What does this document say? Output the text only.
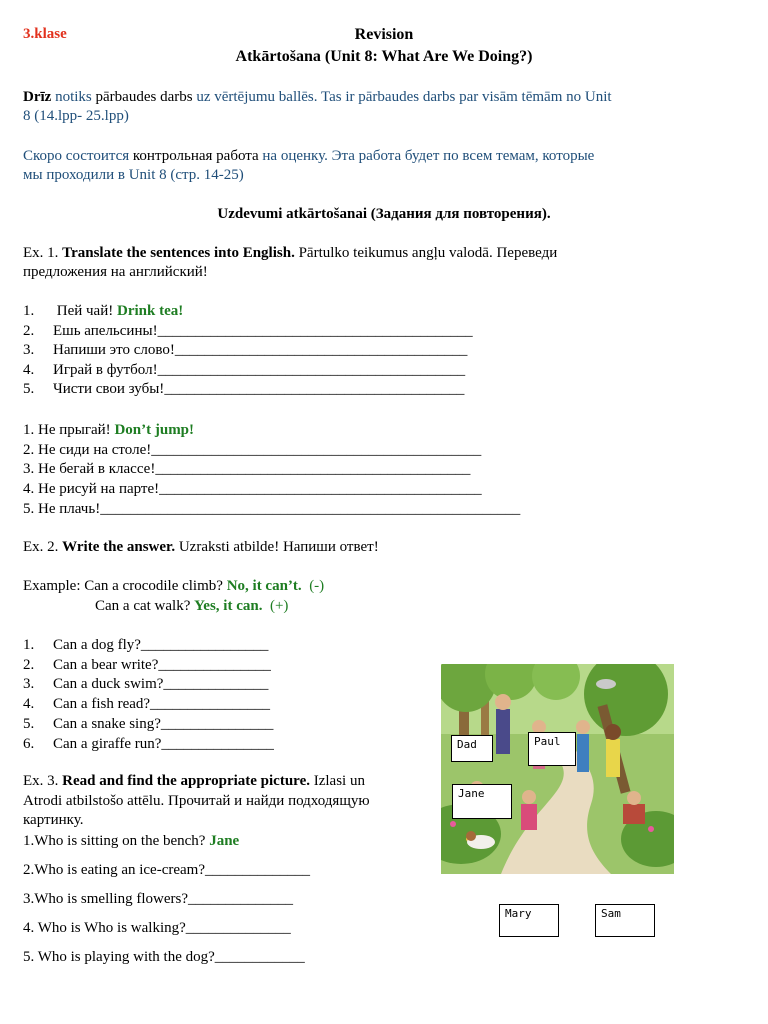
3.klase	Revision
Atkārtošana (Unit 8: What Are We Doing?)
Drīz notiks pārbaudes darbs uz vērtējumu ballēs. Tas ir pārbaudes darbs par visām tēmām no Unit
8 (14.lpp- 25.lpp)
Скоро состоится контрольная работа на оценку. Эта работа будет по всем темам, которые
мы проходили в Unit 8 (стр. 14-25)
Uzdevumi atkārtošanai (Задания для повторения).
Ex. 1. Translate the sentences into English. Pārtulko teikumus angļu valodā. Переведи
предложения на английский!
1. Пей чай! Drink tea!
2. Ешь апельсины!__________________________________________
3. Напиши это слово!_______________________________________
4. Играй в футбол!_________________________________________
5. Чисти свои зубы!________________________________________
1. Не прыгай! Don’t jump!
2. Не сиди на столе!____________________________________________
3. Не бегай в классе!__________________________________________
4. Не рисуй на парте!___________________________________________
5. Не плачь!________________________________________________________
Ex. 2. Write the answer. Uzraksti atbilde! Напиши ответ!
Example: Can a crocodile climb? No, it can’t. (-)
Can a cat walk? Yes, it can. (+)
1. Can a dog fly?_________________
2. Can a bear write?_______________
3. Can a duck swim?______________
4. Can a fish read?________________
5. Can a snake sing?_______________
6. Can a giraffe run?_______________
Ex. 3. Read and find the appropriate picture. Izlasi un
Atrodi atbilstošo attēlu. Прочитай и найди подходящую
картинку.
1.Who is sitting on the bench? Jane
2.Who is eating an ice-cream?______________
3.Who is smelling flowers?______________
4. Who is Who is walking?______________
5. Who is playing with the dog?____________
Dad	Paul
Jane
Mary	Sam
